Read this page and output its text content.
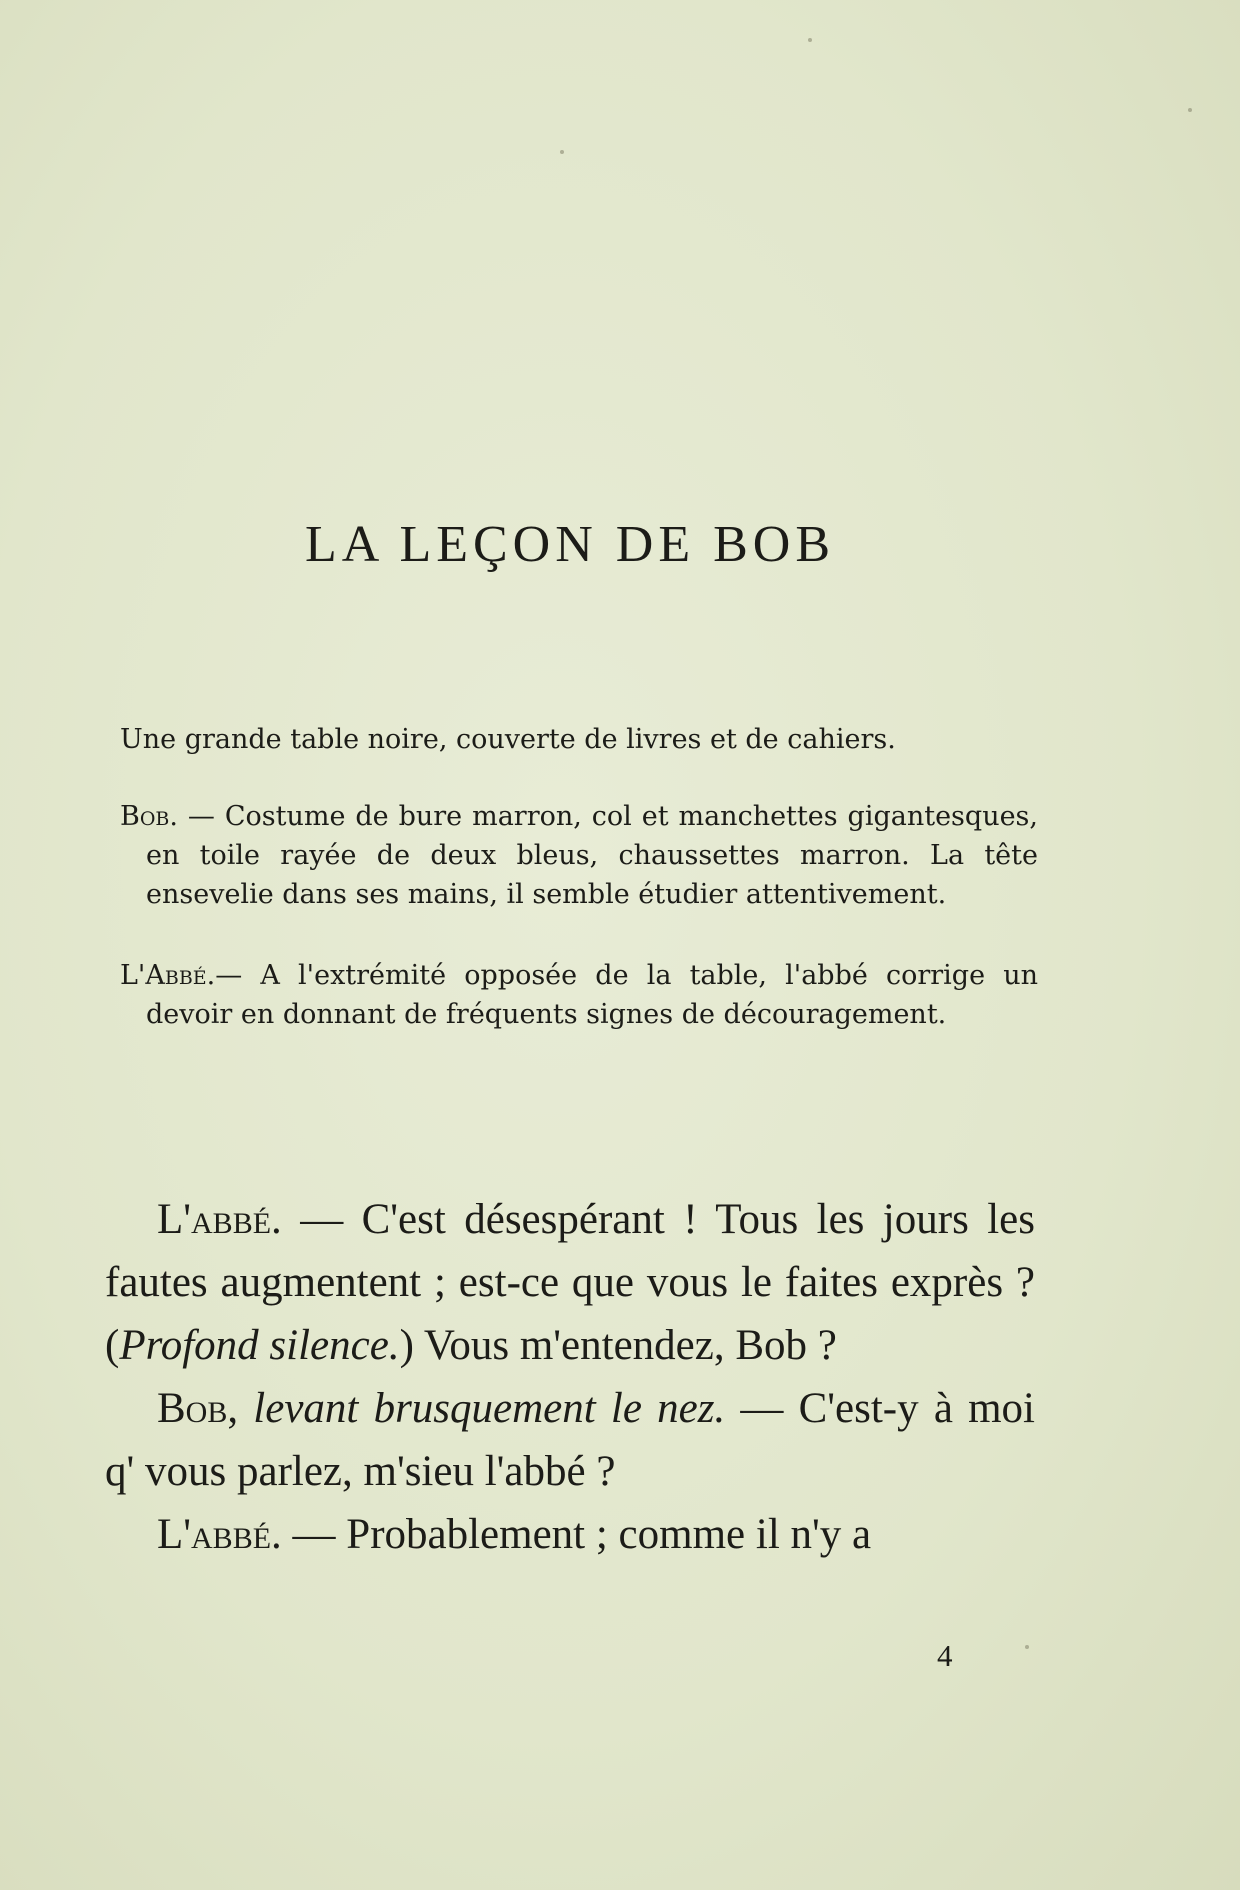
LA LEÇON DE BOB

Une grande table noire, couverte de livres et de cahiers.

Bob. — Costume de bure marron, col et manchettes gigantesques, en toile rayée de deux bleus, chaussettes marron. La tête ensevelie dans ses mains, il semble étudier attentivement.

L'Abbé.— A l'extrémité opposée de la table, l'abbé corrige un devoir en donnant de fréquents signes de découragement.

L'abbé. — C'est désespérant ! Tous les jours les fautes augmentent ; est-ce que vous le faites exprès ? (Profond silence.) Vous m'entendez, Bob ?

Bob, levant brusquement le nez. — C'est-y à moi q' vous parlez, m'sieu l'abbé ?

L'abbé. — Probablement ; comme il n'y a

4
